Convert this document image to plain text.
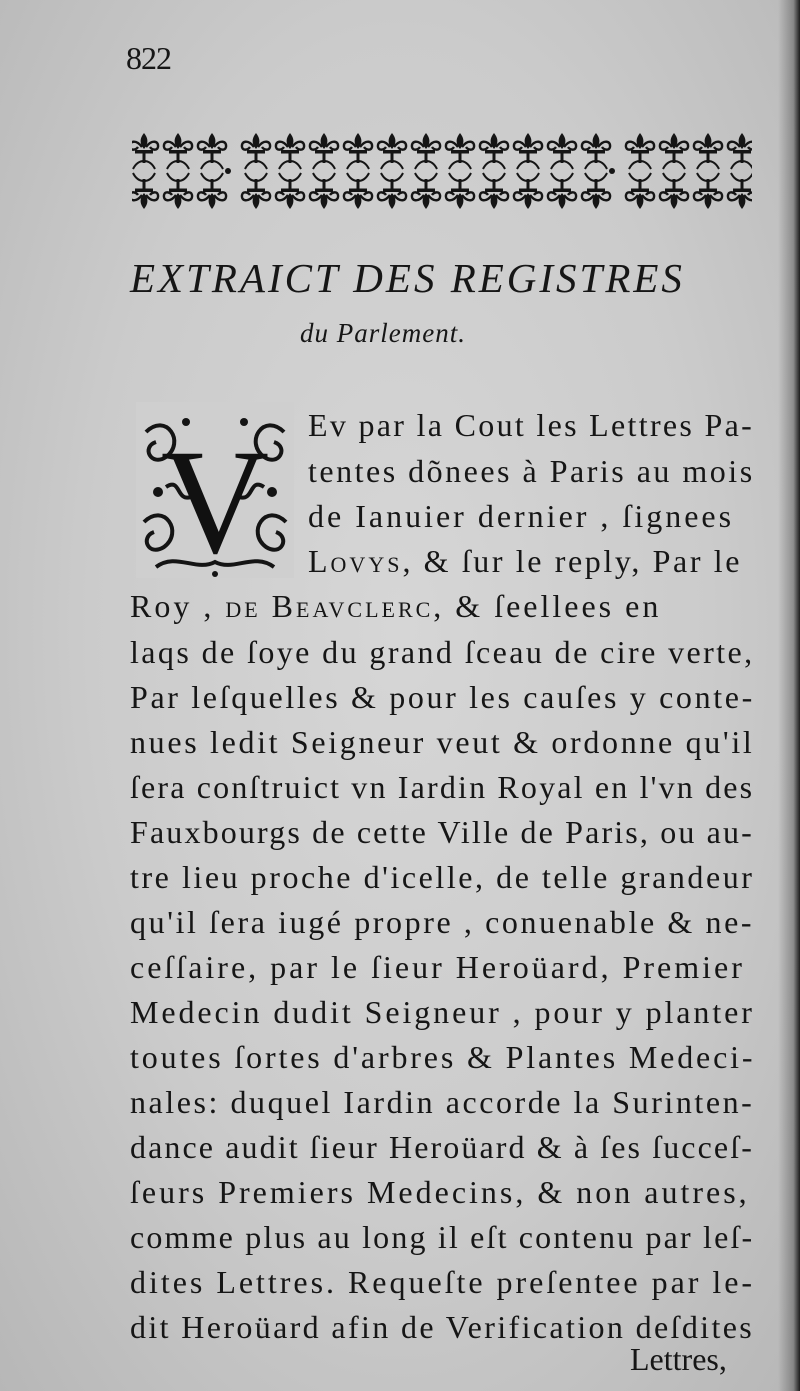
822
EXTRAICT DES REGISTRES
du Parlement.
V Ev par la Cout les Lettres Pa-
tentes dõnees à Paris au mois
de Ianuier dernier , ſignees
Lovys, & ſur le reply, Par le
Roy , de Beavclerc, & ſeellees en
laqs de ſoye du grand ſceau de cire verte,
Par leſquelles & pour les cauſes y conte-
nues ledit Seigneur veut & ordonne qu'il
ſera conſtruict vn Iardin Royal en l'vn des
Fauxbourgs de cette Ville de Paris, ou au-
tre lieu proche d'icelle, de telle grandeur
qu'il ſera iugé propre , conuenable & ne-
ceſſaire, par le ſieur Heroüard, Premier
Medecin dudit Seigneur , pour y planter
toutes ſortes d'arbres & Plantes Medeci-
nales: duquel Iardin accorde la Surinten-
dance audit ſieur Heroüard & à ſes ſucceſ-
ſeurs Premiers Medecins, & non autres,
comme plus au long il eſt contenu par leſ-
dites Lettres. Requeſte preſentee par le-
dit Heroüard afin de Verification deſdites
Lettres,
